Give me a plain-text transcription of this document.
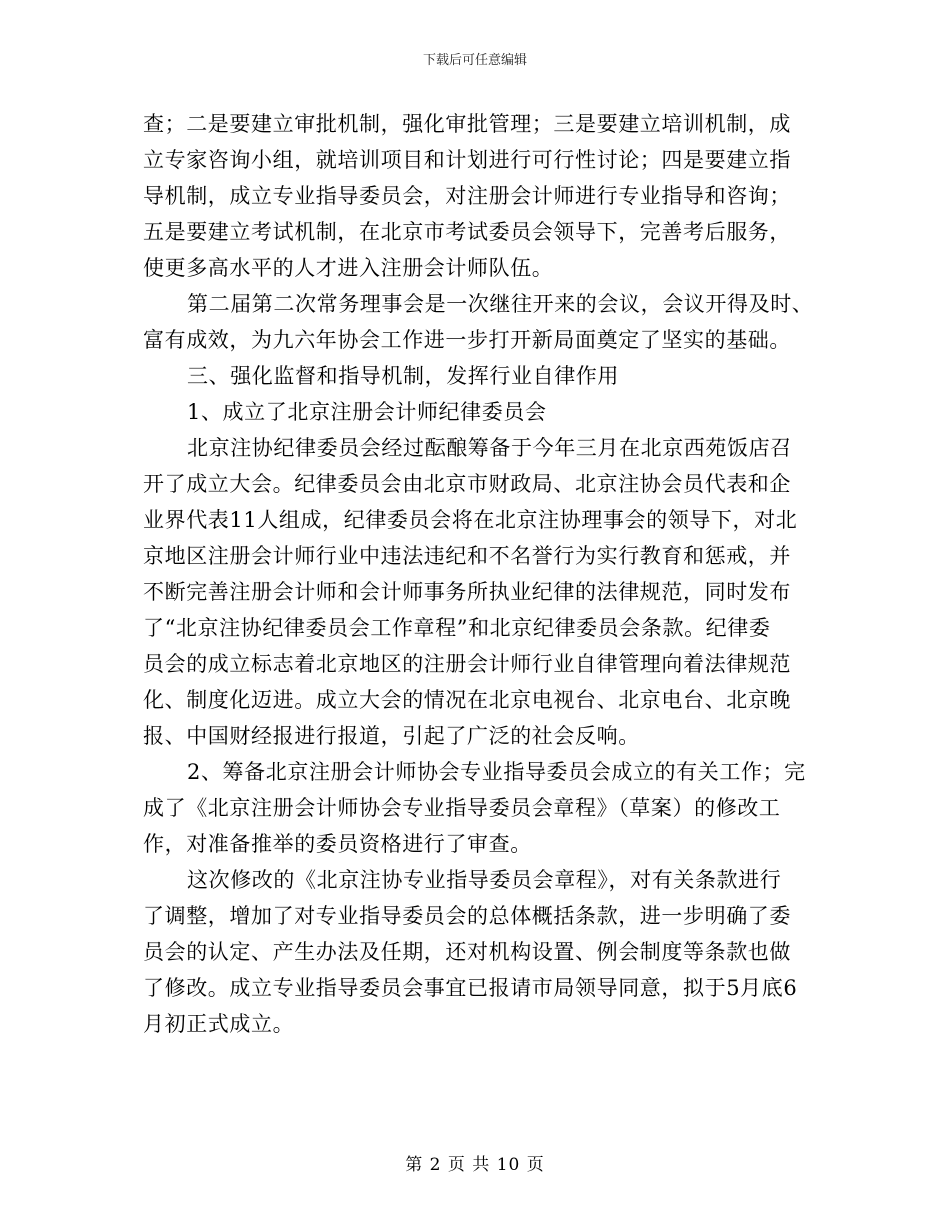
下载后可任意编辑
查；二是要建立审批机制，强化审批管理；三是要建立培训机制，成
立专家咨询小组，就培训项目和计划进行可行性讨论；四是要建立指
导机制，成立专业指导委员会，对注册会计师进行专业指导和咨询；
五是要建立考试机制，在北京市考试委员会领导下，完善考后服务，
使更多高水平的人才进入注册会计师队伍。
第二届第二次常务理事会是一次继往开来的会议，会议开得及时、
富有成效，为九六年协会工作进一步打开新局面奠定了坚实的基础。
三、强化监督和指导机制，发挥行业自律作用
1、成立了北京注册会计师纪律委员会
北京注协纪律委员会经过酝酿筹备于今年三月在北京西苑饭店召
开了成立大会。纪律委员会由北京市财政局、北京注协会员代表和企
业界代表11人组成，纪律委员会将在北京注协理事会的领导下，对北
京地区注册会计师行业中违法违纪和不名誉行为实行教育和惩戒，并
不断完善注册会计师和会计师事务所执业纪律的法律规范，同时发布
了“北京注协纪律委员会工作章程”和北京纪律委员会条款。纪律委
员会的成立标志着北京地区的注册会计师行业自律管理向着法律规范
化、制度化迈进。成立大会的情况在北京电视台、北京电台、北京晚
报、中国财经报进行报道，引起了广泛的社会反响。
2、筹备北京注册会计师协会专业指导委员会成立的有关工作；完
成了《北京注册会计师协会专业指导委员会章程》（草案）的修改工
作，对准备推举的委员资格进行了审查。
这次修改的《北京注协专业指导委员会章程》，对有关条款进行
了调整，增加了对专业指导委员会的总体概括条款，进一步明确了委
员会的认定、产生办法及任期，还对机构设置、例会制度等条款也做
了修改。成立专业指导委员会事宜已报请市局领导同意，拟于5月底6
月初正式成立。
第 2 页 共 10 页
